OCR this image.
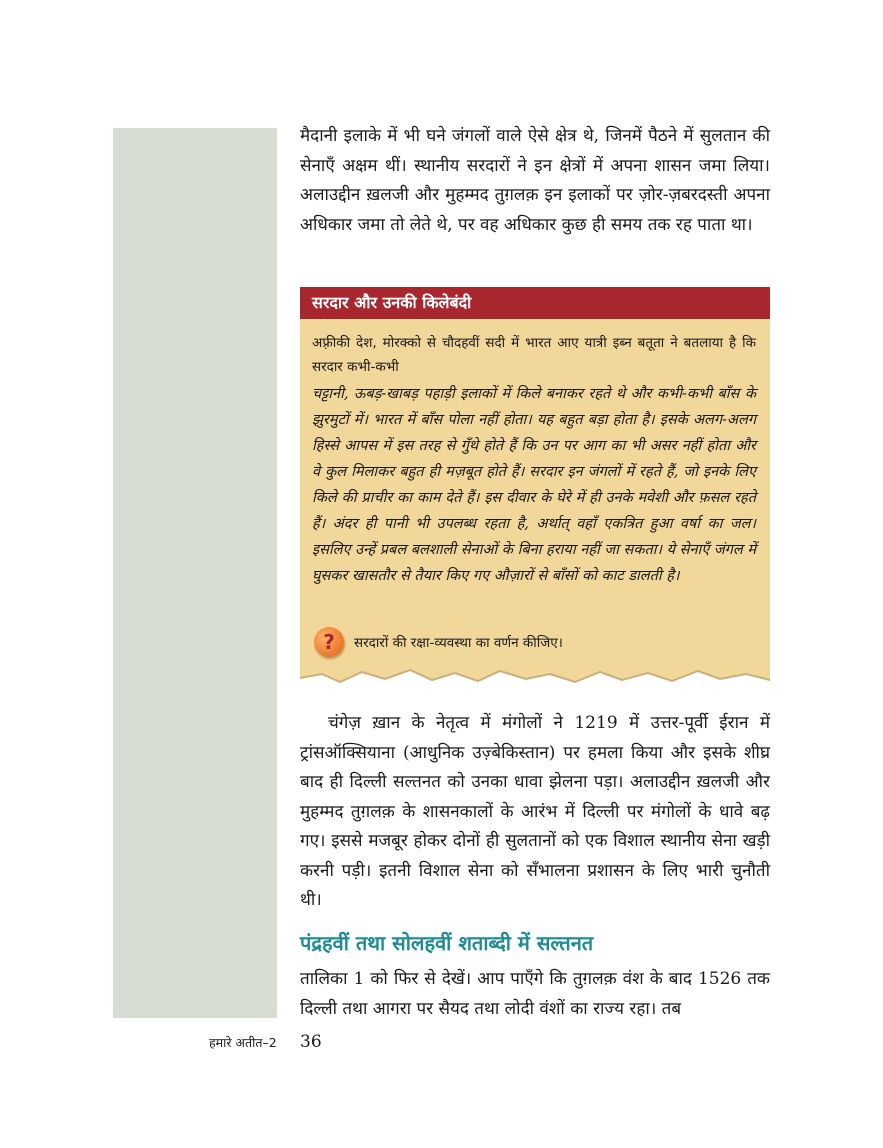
मैदानी इलाके में भी घने जंगलों वाले ऐसे क्षेत्र थे, जिनमें पैठने में सुलतान की सेनाएँ अक्षम थीं। स्थानीय सरदारों ने इन क्षेत्रों में अपना शासन जमा लिया। अलाउद्दीन ख़लजी और मुहम्मद तुग़लक़ इन इलाकों पर ज़ोर-ज़बरदस्ती अपना अधिकार जमा तो लेते थे, पर वह अधिकार कुछ ही समय तक रह पाता था।

सरदार और उनकी किलेबंदी

अफ़्रीकी देश, मोरक्को से चौदहवीं सदी में भारत आए यात्री इब्न बतूता ने बतलाया है कि सरदार कभी-कभी

चट्टानी, ऊबड़-खाबड़ पहाड़ी इलाकों में किले बनाकर रहते थे और कभी-कभी बाँस के झुरमुटों में। भारत में बाँस पोला नहीं होता। यह बहुत बड़ा होता है। इसके अलग-अलग हिस्से आपस में इस तरह से गुँथे होते हैं कि उन पर आग का भी असर नहीं होता और वे कुल मिलाकर बहुत ही मज़बूत होते हैं। सरदार इन जंगलों में रहते हैं, जो इनके लिए किले की प्राचीर का काम देते हैं। इस दीवार के घेरे में ही उनके मवेशी और फ़सल रहते हैं। अंदर ही पानी भी उपलब्ध रहता है, अर्थात् वहाँ एकत्रित हुआ वर्षा का जल। इसलिए उन्हें प्रबल बलशाली सेनाओं के बिना हराया नहीं जा सकता। ये सेनाएँ जंगल में घुसकर खासतौर से तैयार किए गए औज़ारों से बाँसों को काट डालती है।

?	सरदारों की रक्षा-व्यवस्था का वर्णन कीजिए।

चंगेज़ ख़ान के नेतृत्व में मंगोलों ने 1219 में उत्तर-पूर्वी ईरान में ट्रांसऑक्सियाना (आधुनिक उज़्बेकिस्तान) पर हमला किया और इसके शीघ्र बाद ही दिल्ली सल्तनत को उनका धावा झेलना पड़ा। अलाउद्दीन ख़लजी और मुहम्मद तुग़लक़ के शासनकालों के आरंभ में दिल्ली पर मंगोलों के धावे बढ़ गए। इससे मजबूर होकर दोनों ही सुलतानों को एक विशाल स्थानीय सेना खड़ी करनी पड़ी। इतनी विशाल सेना को सँभालना प्रशासन के लिए भारी चुनौती थी।

पंद्रहवीं तथा सोलहवीं शताब्दी में सल्तनत

तालिका 1 को फिर से देखें। आप पाएँगे कि तुग़लक़ वंश के बाद 1526 तक दिल्ली तथा आगरा पर सैयद तथा लोदी वंशों का राज्य रहा। तब

हमारे अतीत–2 36
